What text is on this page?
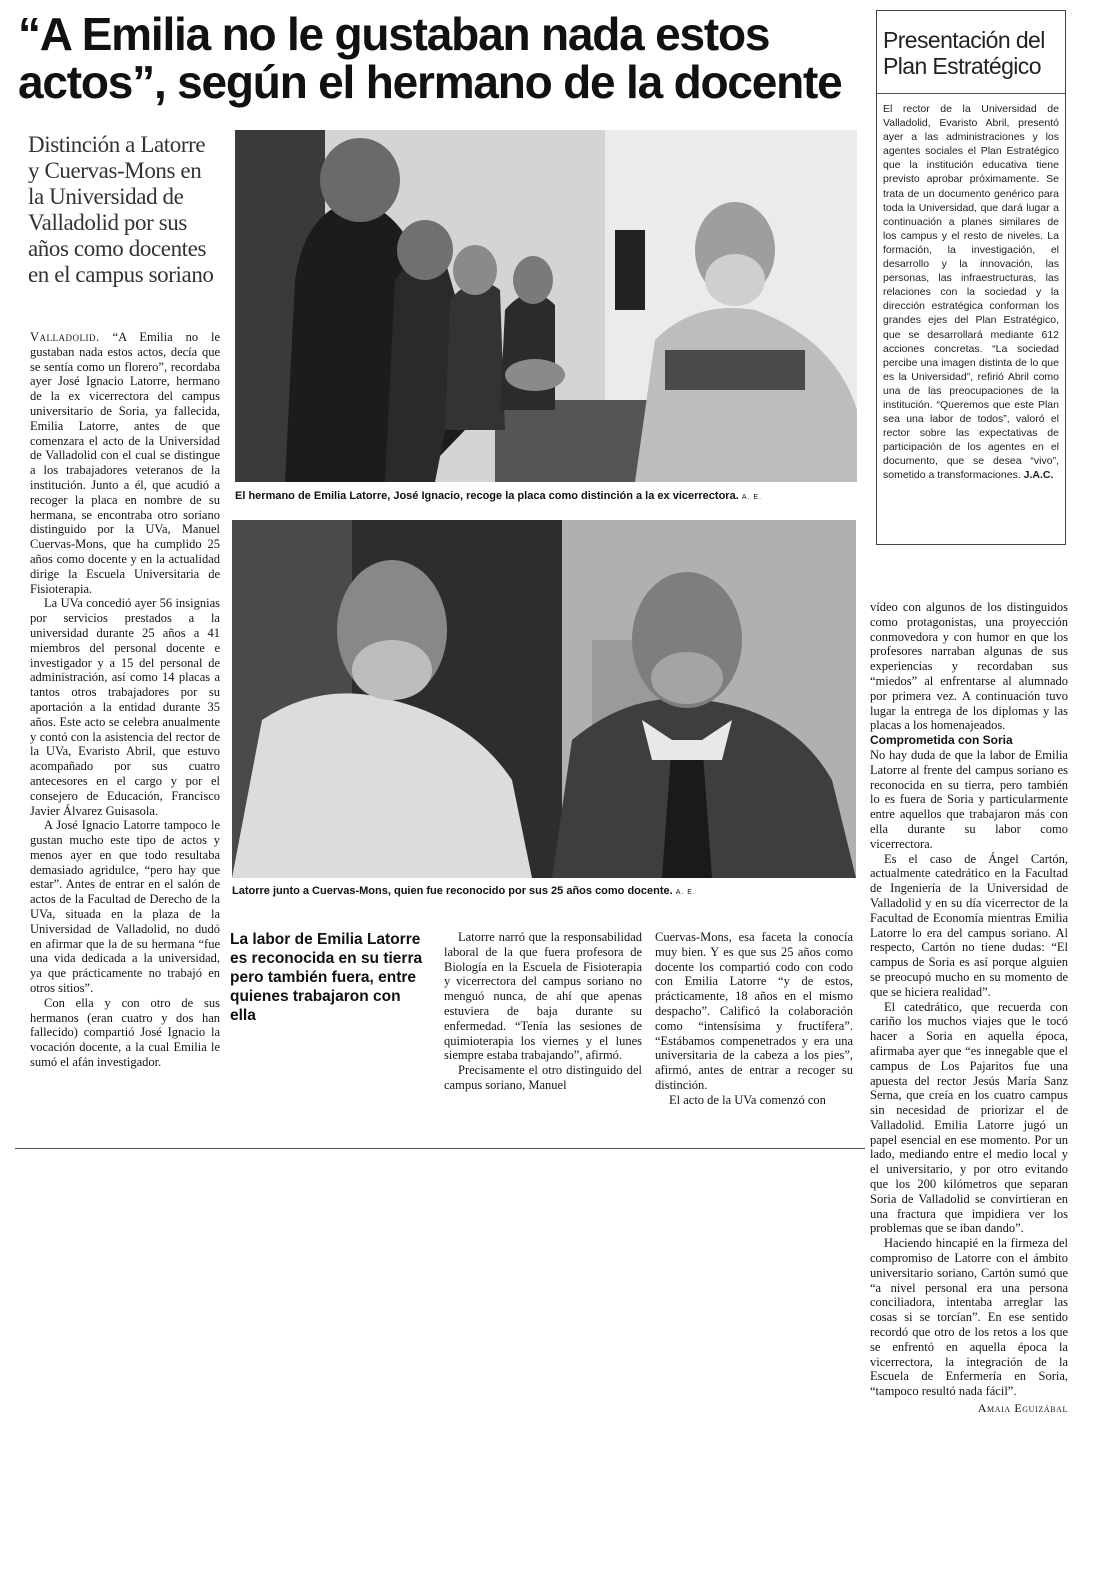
“A Emilia no le gustaban nada estos
actos”, según el hermano de la docente
Distinción a Latorre
y Cuervas-Mons en
la Universidad de
Valladolid por sus
años como docentes
en el campus soriano
Presentación del
Plan Estratégico
El rector de la Universidad de Valladolid, Evaristo Abril, presentó ayer a las administraciones y los agentes sociales el Plan Estratégico que la institución educativa tiene previsto aprobar próximamente. Se trata de un documento genérico para toda la Universidad, que dará lugar a continuación a planes similares de los campus y el resto de niveles. La formación, la investigación, el desarrollo y la innovación, las personas, las infraestructuras, las relaciones con la sociedad y la dirección estratégica conforman los grandes ejes del Plan Estratégico, que se desarrollará mediante 612 acciones concretas. “La sociedad percibe una imagen distinta de lo que es la Universidad”, refirió Abril como una de las preocupaciones de la institución. “Queremos que este Plan sea una labor de todos”, valoró el rector sobre las expectativas de participación de los agentes en el documento, que se desea “vivo”, sometido a transformaciones. J.A.C.
El hermano de Emilia Latorre, José Ignacio, recoge la placa como distinción a la ex vicerrectora. A. E.
Latorre junto a Cuervas-Mons, quien fue reconocido por sus 25 años como docente. A. E.

Valladolid. “A Emilia no le gustaban nada estos actos, decía que se sentía como un florero”, recordaba ayer José Ignacio Latorre, hermano de la ex vicerrectora del campus universitario de Soria, ya fallecida, Emilia Latorre, antes de que comenzara el acto de la Universidad de Valladolid con el cual se distingue a los trabajadores veteranos de la institución. Junto a él, que acudió a recoger la placa en nombre de su hermana, se encontraba otro soriano distinguido por la UVa, Manuel Cuervas-Mons, que ha cumplido 25 años como docente y en la actualidad dirige la Escuela Universitaria de Fisioterapia.

La UVa concedió ayer 56 insignias por servicios prestados a la universidad durante 25 años a 41 miembros del personal docente e investigador y a 15 del personal de administración, así como 14 placas a tantos otros trabajadores por su aportación a la entidad durante 35 años. Este acto se celebra anualmente y contó con la asistencia del rector de la UVa, Evaristo Abril, que estuvo acompañado por sus cuatro antecesores en el cargo y por el consejero de Educación, Francisco Javier Álvarez Guisasola.

A José Ignacio Latorre tampoco le gustan mucho este tipo de actos y menos ayer en que todo resultaba demasiado agridulce, “pero hay que estar”. Antes de entrar en el salón de actos de la Facultad de Derecho de la UVa, situada en la plaza de la Universidad de Valladolid, no dudó en afirmar que la de su hermana “fue una vida dedicada a la universidad, ya que prácticamente no trabajó en otros sitios”.

Con ella y con otro de sus hermanos (eran cuatro y dos han fallecido) compartió José Ignacio la vocación docente, a la cual Emilia le sumó el afán investigador.

La labor de Emilia Latorre es reconocida en su tierra pero también fuera, entre quienes trabajaron con ella

Latorre narró que la responsabilidad laboral de la que fuera profesora de Biología en la Escuela de Fisioterapia y vicerrectora del campus soriano no menguó nunca, de ahí que apenas estuviera de baja durante su enfermedad. “Tenía las sesiones de quimioterapia los viernes y el lunes siempre estaba trabajando”, afirmó.

Precisamente el otro distinguido del campus soriano, Manuel

Cuervas-Mons, esa faceta la conocía muy bien. Y es que sus 25 años como docente los compartió codo con codo con Emilia Latorre “y de estos, prácticamente, 18 años en el mismo despacho”. Calificó la colaboración como “intensísima y fructífera”. “Estábamos compenetrados y era una universitaria de la cabeza a los pies”, afirmó, antes de entrar a recoger su distinción.

El acto de la UVa comenzó con

vídeo con algunos de los distinguidos como protagonistas, una proyección conmovedora y con humor en que los profesores narraban algunas de sus experiencias y recordaban sus “miedos” al enfrentarse al alumnado por primera vez. A continuación tuvo lugar la entrega de los diplomas y las placas a los homenajeados.

Comprometida con Soria

No hay duda de que la labor de Emilia Latorre al frente del campus soriano es reconocida en su tierra, pero también lo es fuera de Soria y particularmente entre aquellos que trabajaron más con ella durante su labor como vicerrectora.

Es el caso de Ángel Cartón, actualmente catedrático en la Facultad de Ingeniería de la Universidad de Valladolid y en su día vicerrector de la Facultad de Economía mientras Emilia Latorre lo era del campus soriano. Al respecto, Cartón no tiene dudas: “El campus de Soria es así porque alguien se preocupó mucho en su momento de que se hiciera realidad”.

El catedrático, que recuerda con cariño los muchos viajes que le tocó hacer a Soria en aquella época, afirmaba ayer que “es innegable que el campus de Los Pajaritos fue una apuesta del rector Jesús María Sanz Serna, que creía en los cuatro campus sin necesidad de priorizar el de Valladolid. Emilia Latorre jugó un papel esencial en ese momento. Por un lado, mediando entre el medio local y el universitario, y por otro evitando que los 200 kilómetros que separan Soria de Valladolid se convirtieran en una fractura que impidiera ver los problemas que se iban dando”.

Haciendo hincapié en la firmeza del compromiso de Latorre con el ámbito universitario soriano, Cartón sumó que “a nivel personal era una persona conciliadora, intentaba arreglar las cosas si se torcían”. En ese sentido recordó que otro de los retos a los que se enfrentó en aquella época la vicerrectora, la integración de la Escuela de Enfermería en Soria, “tampoco resultó nada fácil”.

Amaia Eguizábal
